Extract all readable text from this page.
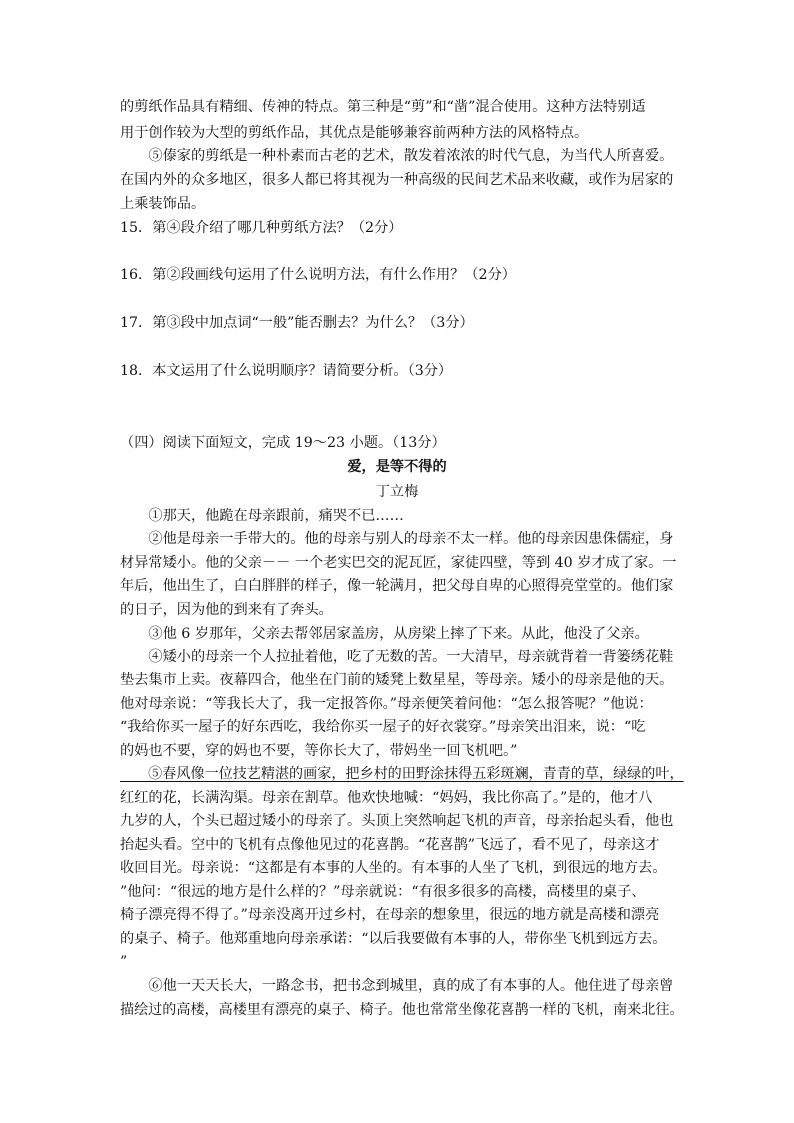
的剪纸作品具有精细、传神的特点。第三种是“剪”和“凿”混合使用。这种方法特别适
用于创作较为大型的剪纸作品，其优点是能够兼容前两种方法的风格特点。
　　⑤傣家的剪纸是一种朴素而古老的艺术，散发着浓浓的时代气息，为当代人所喜爱。
在国内外的众多地区，很多人都已将其视为一种高级的民间艺术品来收藏，或作为居家的
上乘装饰品。
15．第④段介绍了哪几种剪纸方法？（2分）
16．第②段画线句运用了什么说明方法，有什么作用？（2分）
17．第③段中加点词“一般”能否删去？为什么？（3分）
18．本文运用了什么说明顺序？请简要分析。（3分）
（四）阅读下面短文，完成 19～23 小题。（13分）
爱，是等不得的
丁立梅
　　①那天，他跪在母亲跟前，痛哭不已……
　　②他是母亲一手带大的。他的母亲与别人的母亲不太一样。他的母亲因患侏儒症，身
材异常矮小。他的父亲－－ 一个老实巴交的泥瓦匠，家徒四壁，等到 40 岁才成了家。一
年后，他出生了，白白胖胖的样子，像一轮满月，把父母自卑的心照得亮堂堂的。他们家
的日子，因为他的到来有了奔头。
　　③他 6 岁那年，父亲去帮邻居家盖房，从房梁上摔了下来。从此，他没了父亲。
　　④矮小的母亲一个人拉扯着他，吃了无数的苦。一大清早，母亲就背着一背篓绣花鞋
垫去集市上卖。夜幕四合，他坐在门前的矮凳上数星星，等母亲。矮小的母亲是他的天。
他对母亲说：“等我长大了，我一定报答你。”母亲便笑着问他：“怎么报答呢？”他说：
“我给你买一屋子的好东西吃，我给你买一屋子的好衣裳穿。”母亲笑出泪来，说：“吃
的妈也不要，穿的妈也不要，等你长大了，带妈坐一回飞机吧。”
　　⑤春风像一位技艺精湛的画家，把乡村的田野涂抹得五彩斑斓，青青的草，绿绿的叶，
红红的花，长满沟渠。母亲在割草。他欢快地喊：“妈妈，我比你高了。”是的，他才八
九岁的人，个头已超过矮小的母亲了。头顶上突然响起飞机的声音，母亲抬起头看，他也
抬起头看。空中的飞机有点像他见过的花喜鹊。“花喜鹊”飞远了，看不见了，母亲这才
收回目光。母亲说：“这都是有本事的人坐的。有本事的人坐了飞机，到很远的地方去。
”他问：“很远的地方是什么样的？”母亲就说：“有很多很多的高楼，高楼里的桌子、
椅子漂亮得不得了。”母亲没离开过乡村，在母亲的想象里，很远的地方就是高楼和漂亮
的桌子、椅子。他郑重地向母亲承诺：“以后我要做有本事的人，带你坐飞机到远方去。
”
　　⑥他一天天长大，一路念书，把书念到城里，真的成了有本事的人。他住进了母亲曾
描绘过的高楼，高楼里有漂亮的桌子、椅子。他也常常坐像花喜鹊一样的飞机，南来北往。
